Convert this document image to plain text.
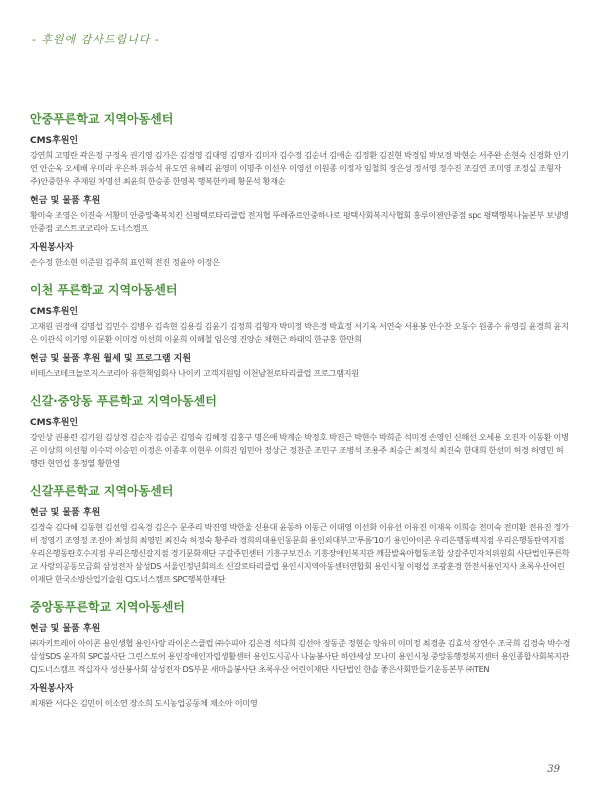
- 후원에 감사드립니다 -
안중푸른학교 지역아동센터
CMS후원인
강연희 고명란 곽은정 구정옥 권기영 김가은 김경영 김대영 김명자 김미자 김수정 김순녀 김애순 김정환 김진현 박경임 박보경 박현순 서주완 손현숙 신경화 안기연 안순옥 오세배 우미라 우은하 위승석 유도연 유혜리 윤영미 이명주 이선우 이영선 이원종 이정자 임철희 장은성 정서영 정수진 조길연 조미영 조정실 조형자 주)안중한우 주재원 차명선 최윤희 한승종 한영복 행복한카페 황문석 황재순
현금 및 물품 후원
황미숙 조영은 이진숙 서황미 안중망축복치킨 신평택로타리클럽 전지협 뚜레쥬르안중하나로 평택사회복지사협회 홍루이젠안중점 spc 평택행복나눔본부 보냉병안중점 코스트코코리아 도너스캠프
자원봉사자
손수정 한소현 이준원 김주희 표인혁 전진 정윤아 이정은
이천 푸른학교 지역아동센터
CMS후원인
고재원 권경애 김명섭 김민수 김병우 김속현 김용길 김윤기 김정희 김형자 박미정 박은경 박효정 서기옥 서연숙 서용봉 안수찬 오동수 원종수 유영길 윤경희 윤지은 이관식 이기영 이문환 이미경 이선희 이윤희 이해철 임은영 진양순 채현근 하태익 한규홍 한만희
현금 및 물품 후원 월세 및 프로그램 지원
비테스코테크놀로지스코리아 유한책임회사 나이키 고객지원팀 이천남천로타리클럽 프로그램지원
신갈·중앙동 푸른학교 지역아동센터
CMS후원인
강인상 권용련 김기원 김상경 김순자 김승곤 김영숙 김혜정 김홍구 명은애 박계순 박정호 박진근 박현수 박희준 석미경 손영인 신해선 오세용 오진자 이동환 이병곤 이상희 이선형 이수덕 이승민 이정은 이종후 이현우 이희진 임민아 정상근 정찬준 조민구 조병석 조용주 최승근 최정식 최진숙 한대희 한선미 허경 허영민 허행란 현연섭 홍정열 황한영
신갈푸른학교 지역아동센터
현금 및 물품 후원
김경숙 김다혜 김동현 김선영 김옥경 김은수 문주리 박진영 박한울 신용대 윤동하 이동근 이대영 이선화 이유선 이유진 이재옥 이희승 전미숙 전미환 전유진 정가비 정영기 조영정 조진아 최성희 최영민 최진숙 허정숙 황주라 경희의대용인동문회 용인외대부고'푸름'10기 용인아이콘 우리은행동백지점 우리은행동탄역지점 우리은행동탄호수지점 우리은행신갈지점 경기문화재단 구갈주민센터 기흥구보건소 기흥장애인복지관 깨끔발육아협동조합 상갈주민자치위원회 사단법인푸른학교 사랑의공동모금회 삼성전자 삼성DS 서울인정년회의소 신갈로타리클럽 용인시지역아동센터연합회 용인시청 이평섭 조광훈경 한전서용인지사 초록우산어린이재단 한국소방산업기술원 CJ도너스캠프 SPC행복한재단
중앙동푸른학교 지역아동센터
현금 및 물품 후원
㈜자키트레이 아이콘 용인생협 용인사랑 라이온스클럽 ㈜수피아 김은경 석다희 김선아 장동준 정현순 양유미 이미정 최경춘 김효석 장연수 조국희 김경숙 박수경 삼성SDS 윤자희 SPC불사단 그린스토어 용인장애인자립생활센터 용인도시공사 나눔봉사단 하얀세상 모나미 용인시청 중앙동행정복지센터 용인종합사회복지관 CJ도너스캠프 적십자사 성산봉사회 삼성전자 DS부문 새마을봉사단 초록우산 어린이재단 사단법인 한솔 좋은사회만들기운동본부 ㈜TEN
자원봉사자
최재완 서다은 김민이 이소연 장소희 도시농업공동체 채소아 이미영
39
